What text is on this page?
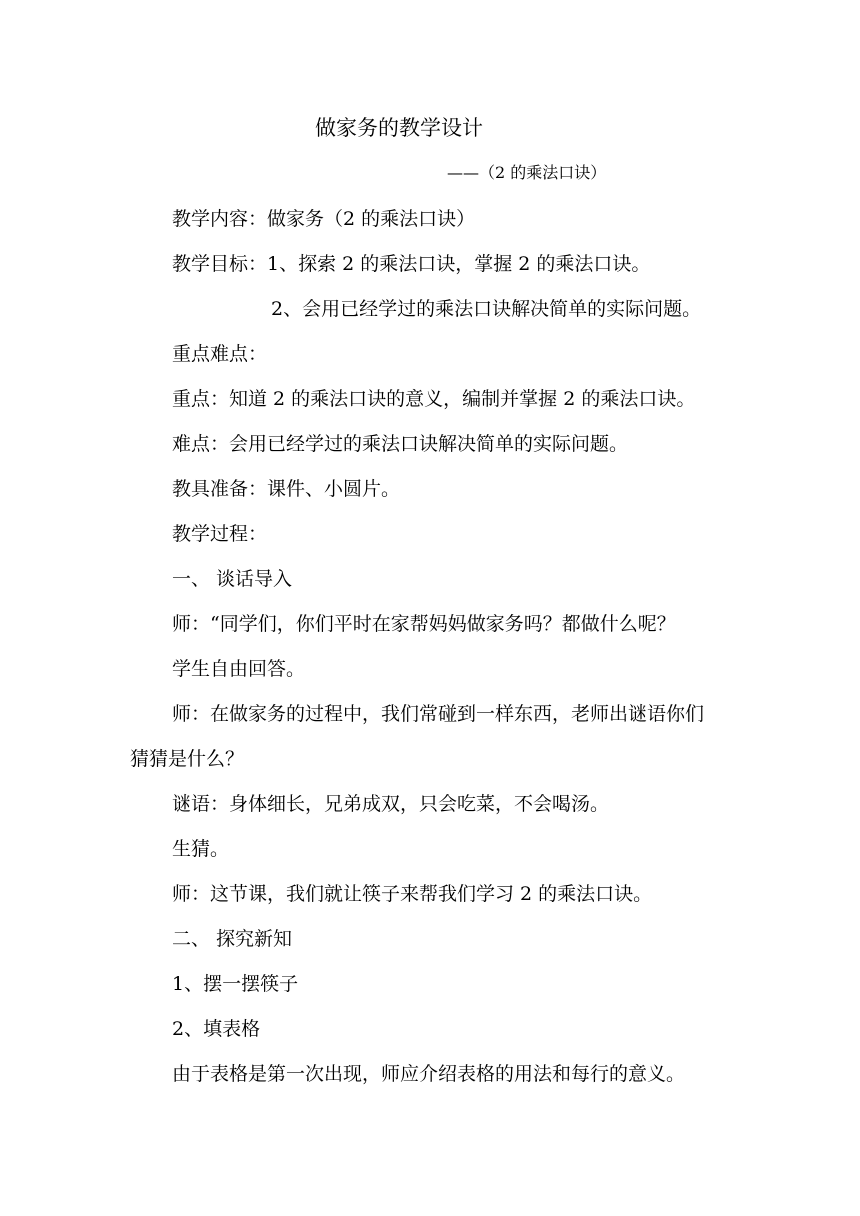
做家务的教学设计
——（2 的乘法口诀）
教学内容：做家务（2 的乘法口诀）
教学目标：1、探索 2 的乘法口诀，掌握 2 的乘法口诀。
2、会用已经学过的乘法口诀解决简单的实际问题。
重点难点：
重点：知道 2 的乘法口诀的意义，编制并掌握 2 的乘法口诀。
难点：会用已经学过的乘法口诀解决简单的实际问题。
教具准备：课件、小圆片。
教学过程：
一、 谈话导入
师：“同学们，你们平时在家帮妈妈做家务吗？都做什么呢？
学生自由回答。
师：在做家务的过程中，我们常碰到一样东西，老师出谜语你们
猜猜是什么？
谜语：身体细长，兄弟成双，只会吃菜，不会喝汤。
生猜。
师：这节课，我们就让筷子来帮我们学习 2 的乘法口诀。
二、 探究新知
1、摆一摆筷子
2、填表格
由于表格是第一次出现，师应介绍表格的用法和每行的意义。
